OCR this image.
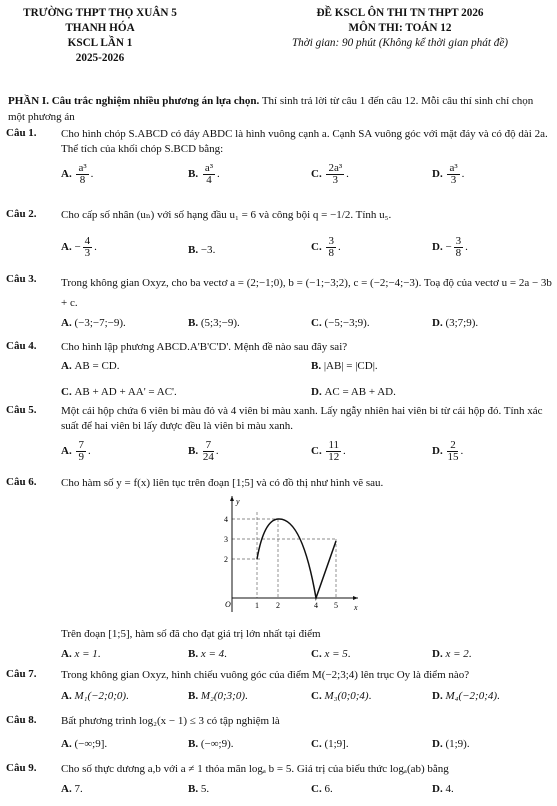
TRƯỜNG THPT THỌ XUÂN 5
THANH HÓA
KSCL LẦN 1
2025-2026
ĐỀ KSCL ÔN THI TN THPT 2026
MÔN THI: TOÁN 12
Thời gian: 90 phút (Không kể thời gian phát đề)
PHẦN I. Câu trắc nghiệm nhiều phương án lựa chọn. Thí sinh trả lời từ câu 1 đến câu 12. Mỗi câu thí sinh chỉ chọn một phương án
Câu 1. Cho hình chóp S.ABCD có đáy ABDC là hình vuông cạnh a. Cạnh SA vuông góc với mặt đáy và có độ dài 2a. Thể tích của khối chóp S.BCD bằng:
A. $\frac{\text{a³}}{8}$ .	B. $\frac{\text{a³}}{4}$ .	C. $\frac{\text{2a³}}{3}$ .	D. $\frac{\text{a³}}{3}$ .
Câu 2. Cho cấp số nhân (uₙ) với số hạng đầu u₁ = 6 và công bội q = −1/2. Tính u₅.
A. − $\frac{4}{3}$ .	B. −3.	C. $\frac{3}{8}$ .	D. − $\frac{3}{8}$ .
Câu 3. Trong không gian Oxyz, cho ba vectơ a = (2;−1;0), b = (−1;−3;2), c = (−2;−4;−3). Toạ độ của vectơ u = 2a − 3b + c.
A. (−3;−7;−9).	B. (5;3;−9).	C. (−5;−3;9).	D. (3;7;9).
Câu 4. Cho hình lập phương ABCD.A'B'C'D'. Mệnh đề nào sau đây sai?
A. AB = CD.	B. |AB| = |CD|.
C. AB + AD + AA' = AC'.	D. AC = AB + AD.
Câu 5. Một cái hộp chứa 6 viên bi màu đỏ và 4 viên bi màu xanh. Lấy ngẫy nhiên hai viên bi từ cái hộp đó. Tính xác suất để hai viên bi lấy được đều là viên bi màu xanh.
A. $\frac{7}{9}$ .	B. $\frac{7}{24}$ .	C. $\frac{11}{12}$ .	D. $\frac{2}{15}$ .
Câu 6. Cho hàm số y = f(x) liên tục trên đoạn [1;5] và có đồ thị như hình vẽ sau.
Trên đoạn [1;5], hàm số đã cho đạt giá trị lớn nhất tại điểm
A. x = 1.	B. x = 4.	C. x = 5.	D. x = 2.
y
x
O
4
3
2
1 2	4 5
Câu 7. Trong không gian Oxyz, hình chiếu vuông góc của điểm M(−2;3;4) lên trục Oy là điểm nào?
A. M₁(−2;0;0).	B. M₂(0;3;0).	C. M₃(0;0;4).	D. M₄(−2;0;4).
Câu 8. Bất phương trình log₂(x − 1) ≤ 3 có tập nghiệm là
A. (−∞;9].	B. (−∞;9).	C. (1;9].	D. (1;9).
Câu 9. Cho số thực dương a,b với a ≠ 1 thỏa mãn logₐ b = 5. Giá trị của biểu thức logₐ(ab) bằng
A. 7.	B. 5.	C. 6.	D. 4.
